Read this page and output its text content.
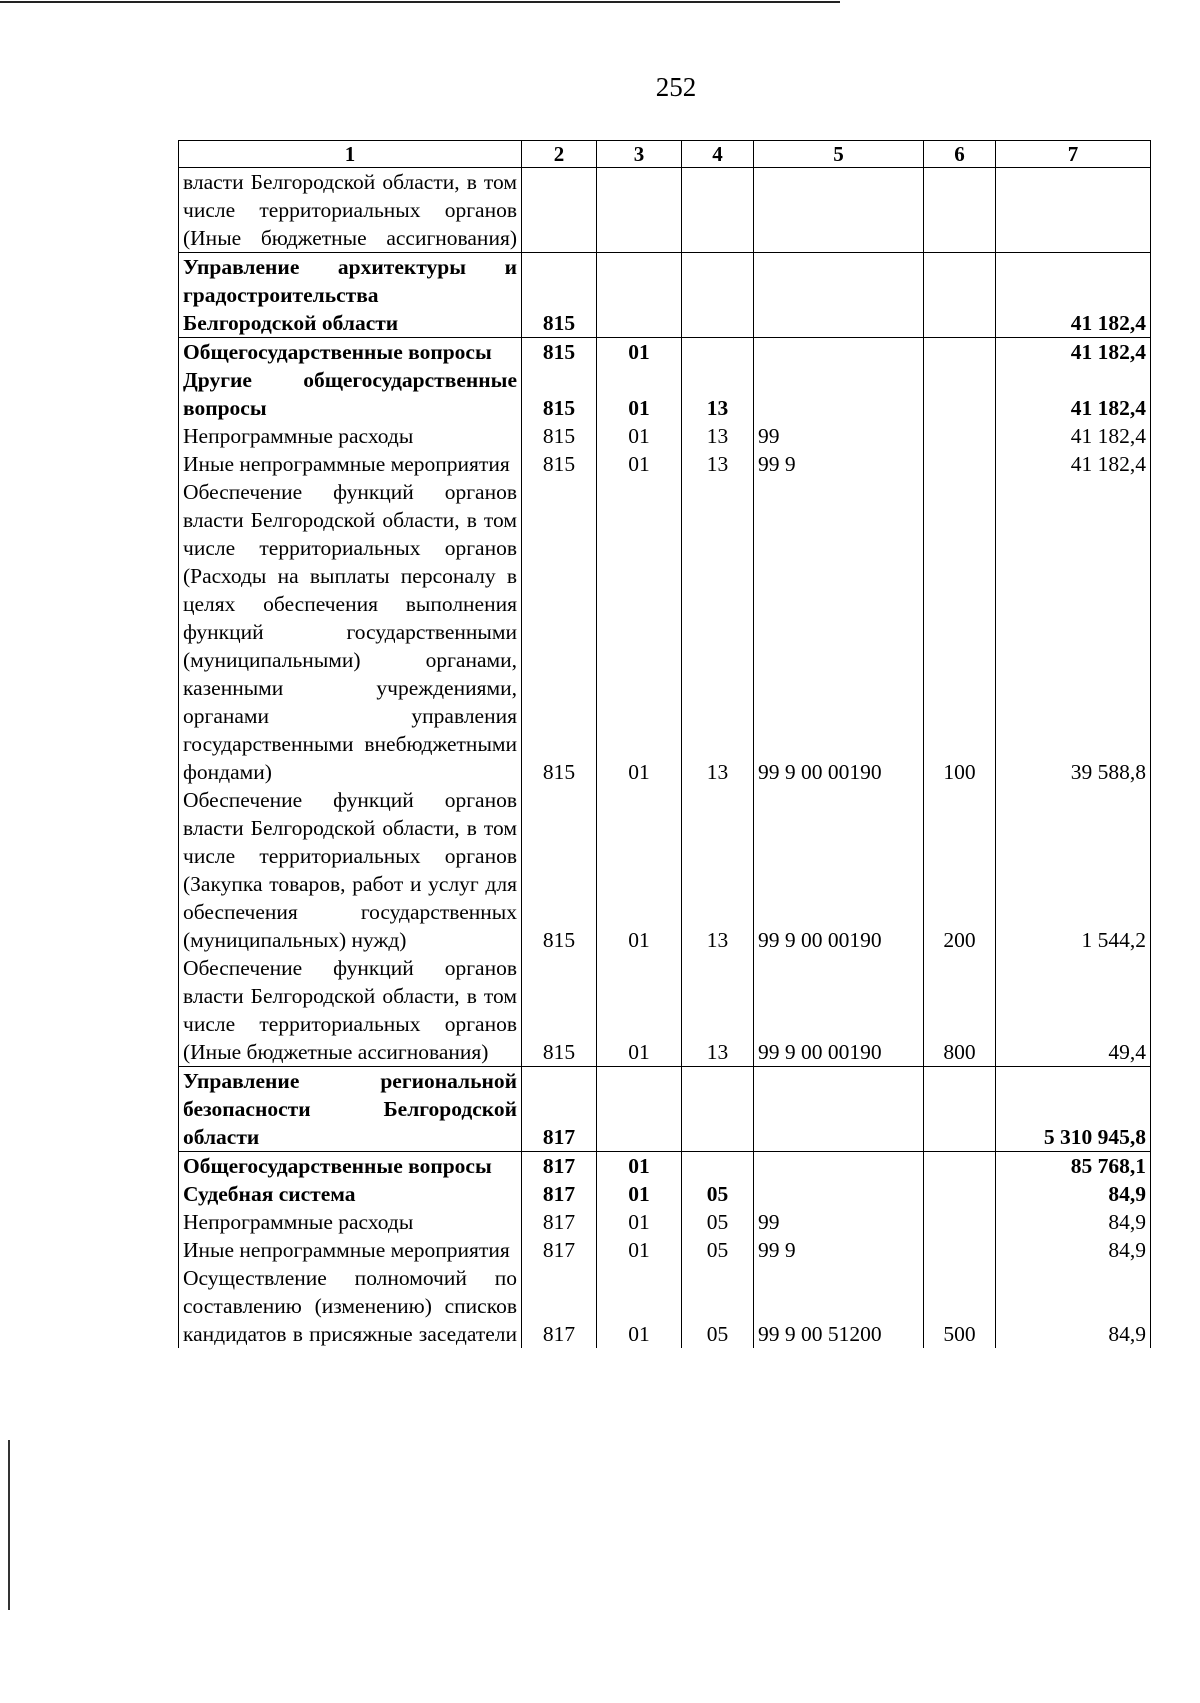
252
1	2	3	4	5	6	7
власти Белгородской области, в том числе территориальных органов (Иные бюджетные ассигнования)						
Управление архитектуры и градостроительства Белгородской области	815					41 182,4
Общегосударственные вопросы	815	01				41 182,4
Другие общегосударственные вопросы	815	01	13			41 182,4
Непрограммные расходы	815	01	13	99		41 182,4
Иные непрограммные мероприятия	815	01	13	99 9		41 182,4
Обеспечение функций органов власти Белгородской области, в том числе территориальных органов (Расходы на выплаты персоналу в целях обеспечения выполнения функций государственными (муниципальными) органами, казенными учреждениями, органами управления государственными внебюджетными фондами)	815	01	13	99 9 00 00190	100	39 588,8
Обеспечение функций органов власти Белгородской области, в том числе территориальных органов (Закупка товаров, работ и услуг для обеспечения государственных (муниципальных) нужд)	815	01	13	99 9 00 00190	200	1 544,2
Обеспечение функций органов власти Белгородской области, в том числе территориальных органов (Иные бюджетные ассигнования)	815	01	13	99 9 00 00190	800	49,4
Управление региональной безопасности Белгородской области	817					5 310 945,8
Общегосударственные вопросы	817	01				85 768,1
Судебная система	817	01	05			84,9
Непрограммные расходы	817	01	05	99		84,9
Иные непрограммные мероприятия	817	01	05	99 9		84,9
Осуществление полномочий по составлению (изменению) списков кандидатов в присяжные заседатели	817	01	05	99 9 00 51200	500	84,9
